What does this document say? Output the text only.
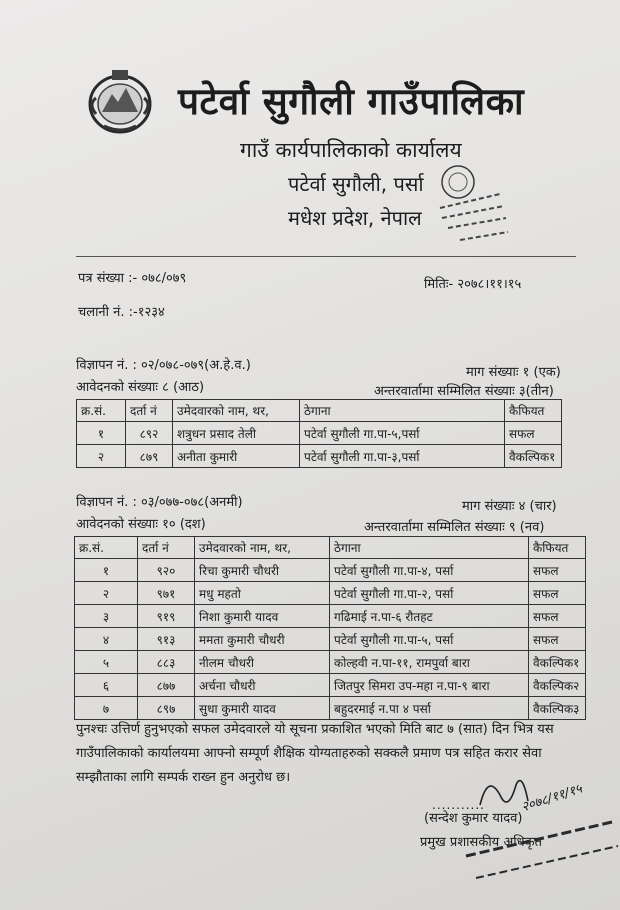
पटेर्वा सुगौली गाउँपालिका
गाउँ कार्यपालिकाको कार्यालय
पटेर्वा सुगौली, पर्सा
मधेश प्रदेश, नेपाल
पत्र संख्या :- ०७८/०७९	मितिः- २०७८।११।१५
चलानी नं. :-१२३४
विज्ञापन नं. : ०२/०७८-०७९(अ.हे.व.)	माग संख्याः १ (एक)
आवेदनको संख्याः ८ (आठ)	अन्तरवार्तामा सम्मिलित संख्याः ३(तीन)
क्र.सं.	दर्ता नं	उमेदवारको नाम, थर,	ठेगाना	कैफियत
१	८९२	शत्रुधन प्रसाद तेली	पटेर्वा सुगौली गा.पा-५,पर्सा	सफल
२	८७९	अनीता कुमारी	पटेर्वा सुगौली गा.पा-३,पर्सा	वैकल्पिक१
विज्ञापन नं. : ०३/०७७-०७८(अनमी)	माग संख्याः ४ (चार)
आवेदनको संख्याः १० (दश)	अन्तरवार्तामा सम्मिलित संख्याः ९ (नव)
क्र.सं.	दर्ता नं	उमेदवारको नाम, थर,	ठेगाना	कैफियत
१	९२०	रिचा कुमारी चौधरी	पटेर्वा सुगौली गा.पा-४, पर्सा	सफल
२	९७१	मधु महतो	पटेर्वा सुगौली गा.पा-२, पर्सा	सफल
३	९१९	निशा कुमारी यादव	गढिमाई न.पा-६ रौतहट	सफल
४	९१३	ममता कुमारी चौधरी	पटेर्वा सुगौली गा.पा-५, पर्सा	सफल
५	८८३	नीलम चौधरी	कोल्हवी न.पा-११, रामपुर्वा बारा	वैकल्पिक१
६	८७७	अर्चना चौधरी	जितपुर सिमरा उप-महा न.पा-९ बारा	वैकल्पिक२
७	८९७	सुधा कुमारी यादव	बहुदरमाई न.पा ४ पर्सा	वैकल्पिक३
पुनश्चः उत्तिर्ण हुनुभएको सफल उमेदवारले यो सूचना प्रकाशित भएको मिति बाट ७ (सात) दिन भित्र यस गाउँपालिकाको कार्यालयमा आफ्नो सम्पूर्ण शैक्षिक योग्यताहरुको सक्कलै प्रमाण पत्र सहित करार सेवा सम्झौताका लागि सम्पर्क राख्न हुन अनुरोध छ।
...........	२०७८/११/१५
(सन्देश कुमार यादव)
प्रमुख प्रशासकीय अधिकृत
